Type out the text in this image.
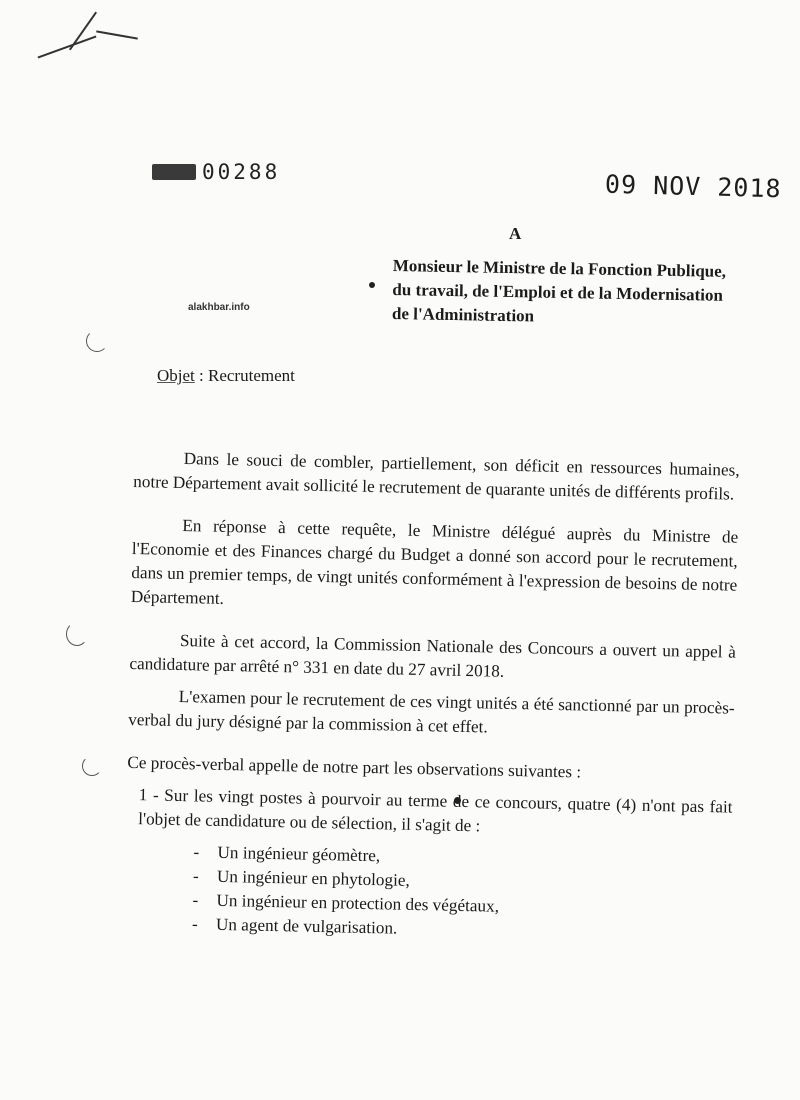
00288	09 NOV 2018
A
Monsieur le Ministre de la Fonction Publique,
du travail, de l'Emploi et de la Modernisation
de l'Administration
alakhbar.info
Objet : Recrutement

Dans le souci de combler, partiellement, son déficit en ressources humaines, notre Département avait sollicité le recrutement de quarante unités de différents profils.

En réponse à cette requête, le Ministre délégué auprès du Ministre de l'Economie et des Finances chargé du Budget a donné son accord pour le recrutement, dans un premier temps, de vingt unités conformément à l'expression de besoins de notre Département.

Suite à cet accord, la Commission Nationale des Concours a ouvert un appel à candidature par arrêté n° 331 en date du 27 avril 2018.

L'examen pour le recrutement de ces vingt unités a été sanctionné par un procès-verbal du jury désigné par la commission à cet effet.

Ce procès-verbal appelle de notre part les observations suivantes :

1 - Sur les vingt postes à pourvoir au terme de ce concours, quatre (4) n'ont pas fait l'objet de candidature ou de sélection, il s'agit de :

- Un ingénieur géomètre,
- Un ingénieur en phytologie,
- Un ingénieur en protection des végétaux,
- Un agent de vulgarisation.
